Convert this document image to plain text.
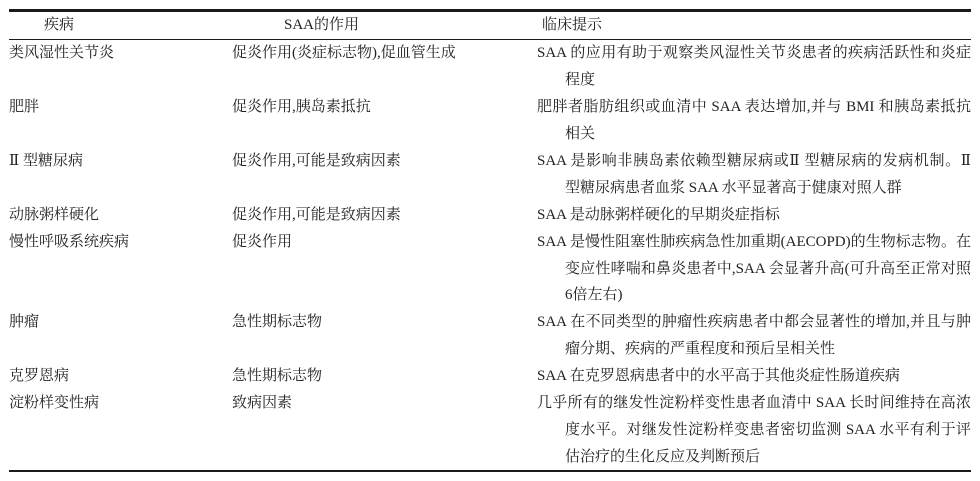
疾病	SAA的作用	临床提示
类风湿性关节炎	促炎作用(炎症标志物),促血管生成	SAA 的应用有助于观察类风湿性关节炎患者的疾病活跃性和炎症程度
肥胖	促炎作用,胰岛素抵抗	肥胖者脂肪组织或血清中 SAA 表达增加,并与 BMI 和胰岛素抵抗相关
Ⅱ 型糖尿病	促炎作用,可能是致病因素	SAA 是影响非胰岛素依赖型糖尿病或Ⅱ 型糖尿病的发病机制。Ⅱ 型糖尿病患者血浆 SAA 水平显著高于健康对照人群
动脉粥样硬化	促炎作用,可能是致病因素	SAA 是动脉粥样硬化的早期炎症指标
慢性呼吸系统疾病	促炎作用	SAA 是慢性阻塞性肺疾病急性加重期(AECOPD)的生物标志物。在变应性哮喘和鼻炎患者中,SAA 会显著升高(可升高至正常对照6倍左右)
肿瘤	急性期标志物	SAA 在不同类型的肿瘤性疾病患者中都会显著性的增加,并且与肿瘤分期、疾病的严重程度和预后呈相关性
克罗恩病	急性期标志物	SAA 在克罗恩病患者中的水平高于其他炎症性肠道疾病
淀粉样变性病	致病因素	几乎所有的继发性淀粉样变性患者血清中 SAA 长时间维持在高浓度水平。对继发性淀粉样变患者密切监测 SAA 水平有利于评估治疗的生化反应及判断预后
